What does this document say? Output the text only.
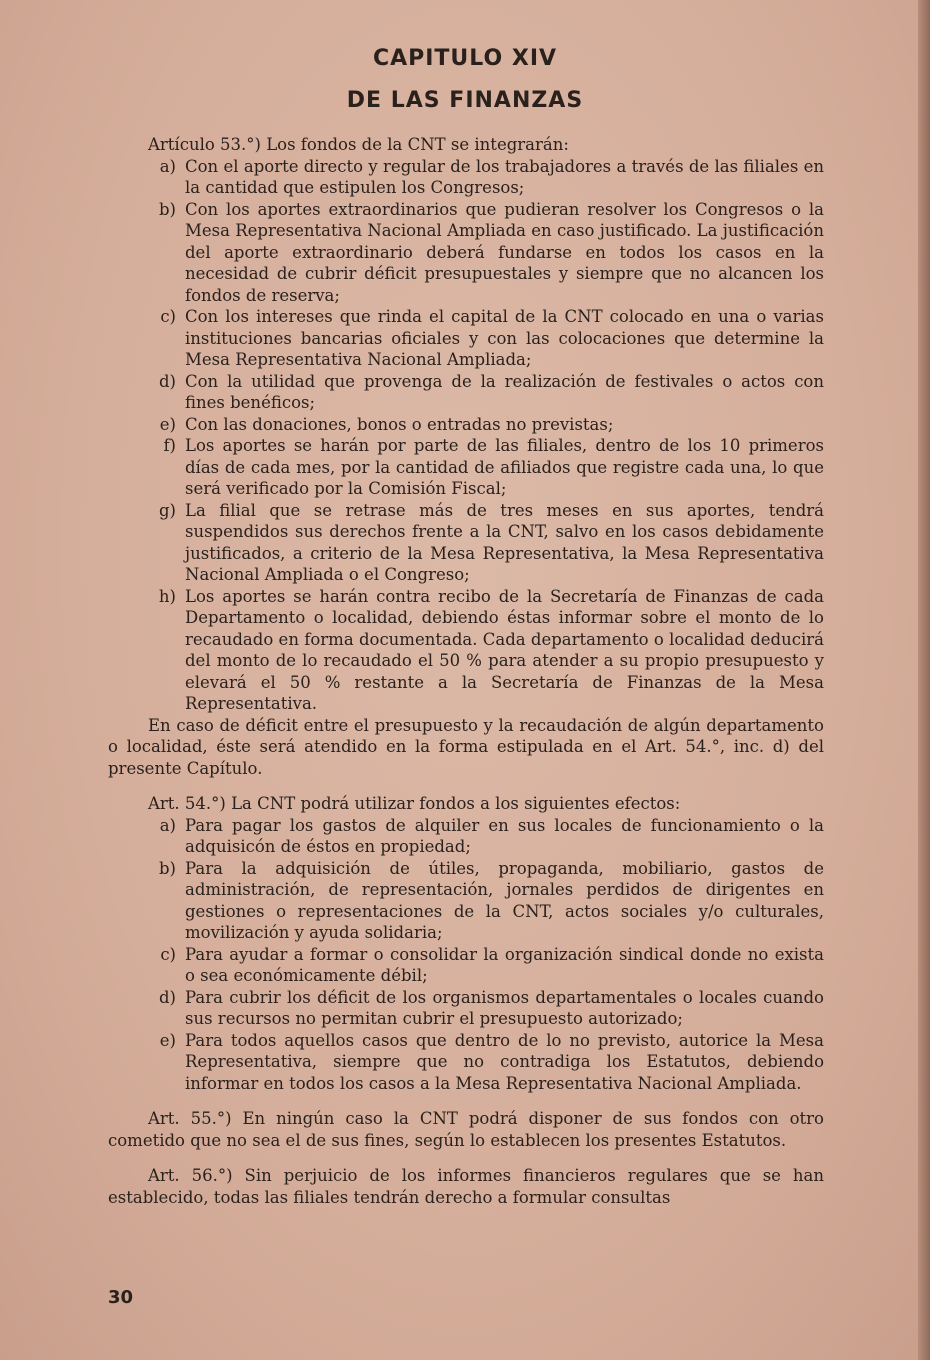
CAPITULO XIV
DE LAS FINANZAS
Artículo 53.°) Los fondos de la CNT se integrarán:
a) Con el aporte directo y regular de los trabajadores a través de las filiales en la cantidad que estipulen los Congresos;
b) Con los aportes extraordinarios que pudieran resolver los Congresos o la Mesa Representativa Nacional Ampliada en caso justificado. La justificación del aporte extraordinario deberá fundarse en todos los casos en la necesidad de cubrir déficit presupuestales y siempre que no alcancen los fondos de reserva;
c) Con los intereses que rinda el capital de la CNT colocado en una o varias instituciones bancarias oficiales y con las colocaciones que determine la Mesa Representativa Nacional Ampliada;
d) Con la utilidad que provenga de la realización de festivales o actos con fines benéficos;
e) Con las donaciones, bonos o entradas no previstas;
f) Los aportes se harán por parte de las filiales, dentro de los 10 primeros días de cada mes, por la cantidad de afiliados que registre cada una, lo que será verificado por la Comisión Fiscal;
g) La filial que se retrase más de tres meses en sus aportes, tendrá suspendidos sus derechos frente a la CNT, salvo en los casos debidamente justificados, a criterio de la Mesa Representativa, la Mesa Representativa Nacional Ampliada o el Congreso;
h) Los aportes se harán contra recibo de la Secretaría de Finanzas de cada Departamento o localidad, debiendo éstas informar sobre el monto de lo recaudado en forma documentada. Cada departamento o localidad deducirá del monto de lo recaudado el 50 % para atender a su propio presupuesto y elevará el 50 % restante a la Secretaría de Finanzas de la Mesa Representativa.
En caso de déficit entre el presupuesto y la recaudación de algún departamento o localidad, éste será atendido en la forma estipulada en el Art. 54.°, inc. d) del presente Capítulo.
Art. 54.°) La CNT podrá utilizar fondos a los siguientes efectos:
a) Para pagar los gastos de alquiler en sus locales de funcionamiento o la adquisicón de éstos en propiedad;
b) Para la adquisición de útiles, propaganda, mobiliario, gastos de administración, de representación, jornales perdidos de dirigentes en gestiones o representaciones de la CNT, actos sociales y/o culturales, movilización y ayuda solidaria;
c) Para ayudar a formar o consolidar la organización sindical donde no exista o sea económicamente débil;
d) Para cubrir los déficit de los organismos departamentales o locales cuando sus recursos no permitan cubrir el presupuesto autorizado;
e) Para todos aquellos casos que dentro de lo no previsto, autorice la Mesa Representativa, siempre que no contradiga los Estatutos, debiendo informar en todos los casos a la Mesa Representativa Nacional Ampliada.
Art. 55.°) En ningún caso la CNT podrá disponer de sus fondos con otro cometido que no sea el de sus fines, según lo establecen los presentes Estatutos.
Art. 56.°) Sin perjuicio de los informes financieros regulares que se han establecido, todas las filiales tendrán derecho a formular consultas
30
